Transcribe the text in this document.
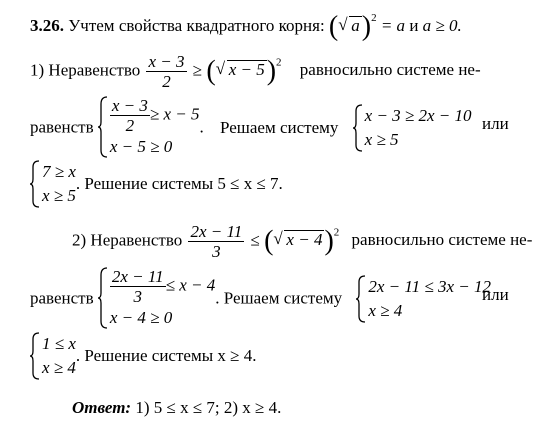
3.26. Учтем свойства квадратного корня: ( √ a)$^2$ = a и a ≥ 0.
1) Неравенство $\frac{x - 3}{2}$ ≥ ( √ x − 5)$^2$ равносильно системе не-
равенств $\frac{x - 3}{2} \ge x - 5$
x − 5 ≥ 0
. Решаем систему
x − 3 ≥ 2x − 10
x ≥ 5
или
7 ≥ x
x ≥ 5
. Решение системы 5 ≤ x ≤ 7.
2) Неравенство $\frac{2x - 11}{3}$ ≤ ( √ x − 4)$^2$ равносильно системе не-
равенств $\frac{2x - 11}{3} \le x - 4$
x − 4 ≥ 0
. Решаем систему
2x − 11 ≤ 3x − 12
x ≥ 4
или
1 ≤ x
x ≥ 4
. Решение системы x ≥ 4.
Ответ: 1) 5 ≤ x ≤ 7; 2) x ≥ 4.
